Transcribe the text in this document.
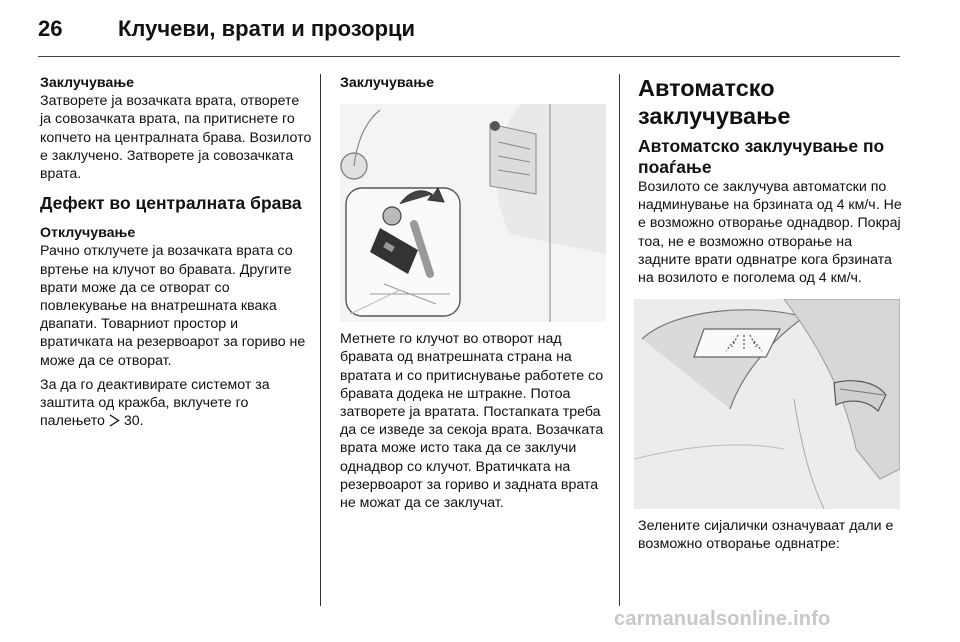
26	Клучеви, врати и прозорци
Заклучување

Затворете ја возачката врата, отворете ја совозачката врата, па притиснете го копчето на централната брава. Возилото е заклучено. Затворете ја совозачката врата.

Дефект во централната брава
Отклучување

Рачно отклучете ја возачката врата со вртење на клучот во бравата. Другите врати може да се отворат со повлекување на внатрешната квака двапати. Товарниот простор и вратичката на резервоарот за гориво не може да се отворат.

За да го деактивирате системот за заштита од кражба, вклучете го палењето 30.

Заклучување

Метнете го клучот во отворот над бравата од внатрешната страна на вратата и со притиснување работете со бравата додека не штракне. Потоа затворете ја вратата. Постапката треба да се изведе за секоја врата. Возачката врата може исто така да се заклучи однадвор со клучот. Вратичката на резервоарот за гориво и задната врата не можат да се заклучат.

Автоматско заклучување
Автоматско заклучување по поаѓање

Возилото се заклучува автоматски по надминување на брзината од 4 км/ч. Не е возможно отворање однадвор. Покрај тоа, не е возможно отворање на задните врати одвнатре кога брзината на возилото е поголема од 4 км/ч.

Зелените сијалички означуваат дали е возможно отворање одвнатре:

carmanualsonline.info
